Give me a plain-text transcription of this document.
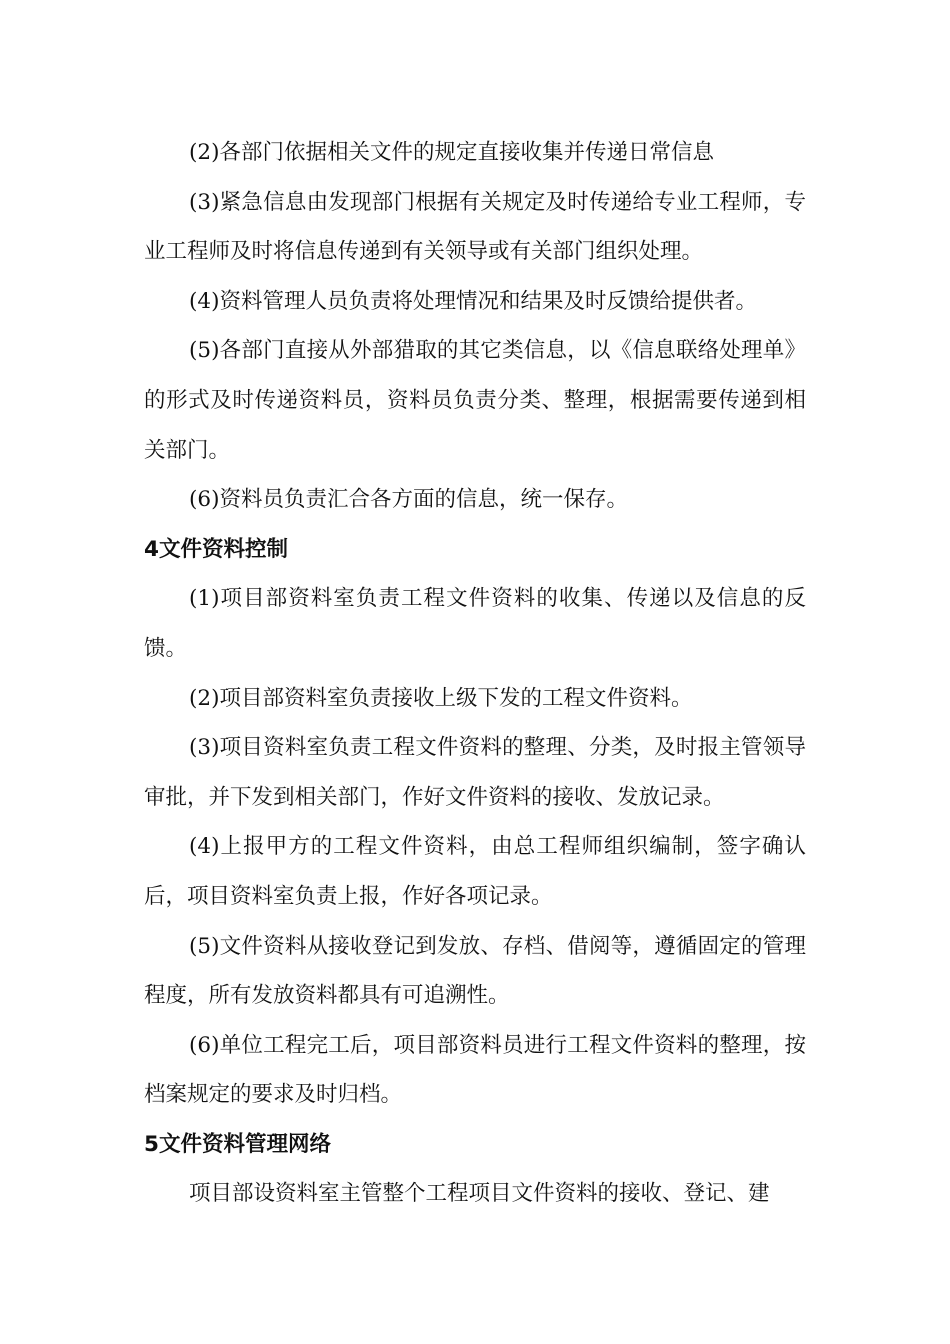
(2)各部门依据相关文件的规定直接收集并传递日常信息

(3)紧急信息由发现部门根据有关规定及时传递给专业工程师，专业工程师及时将信息传递到有关领导或有关部门组织处理。

(4)资料管理人员负责将处理情况和结果及时反馈给提供者。

(5)各部门直接从外部猎取的其它类信息，以《信息联络处理单》的形式及时传递资料员，资料员负责分类、整理，根据需要传递到相关部门。

(6)资料员负责汇合各方面的信息，统一保存。

4文件资料控制

(1)项目部资料室负责工程文件资料的收集、传递以及信息的反馈。

(2)项目部资料室负责接收上级下发的工程文件资料。

(3)项目资料室负责工程文件资料的整理、分类，及时报主管领导审批，并下发到相关部门，作好文件资料的接收、发放记录。

(4)上报甲方的工程文件资料，由总工程师组织编制，签字确认后，项目资料室负责上报，作好各项记录。

(5)文件资料从接收登记到发放、存档、借阅等，遵循固定的管理程度，所有发放资料都具有可追溯性。

(6)单位工程完工后，项目部资料员进行工程文件资料的整理，按档案规定的要求及时归档。

5文件资料管理网络

项目部设资料室主管整个工程项目文件资料的接收、登记、建
